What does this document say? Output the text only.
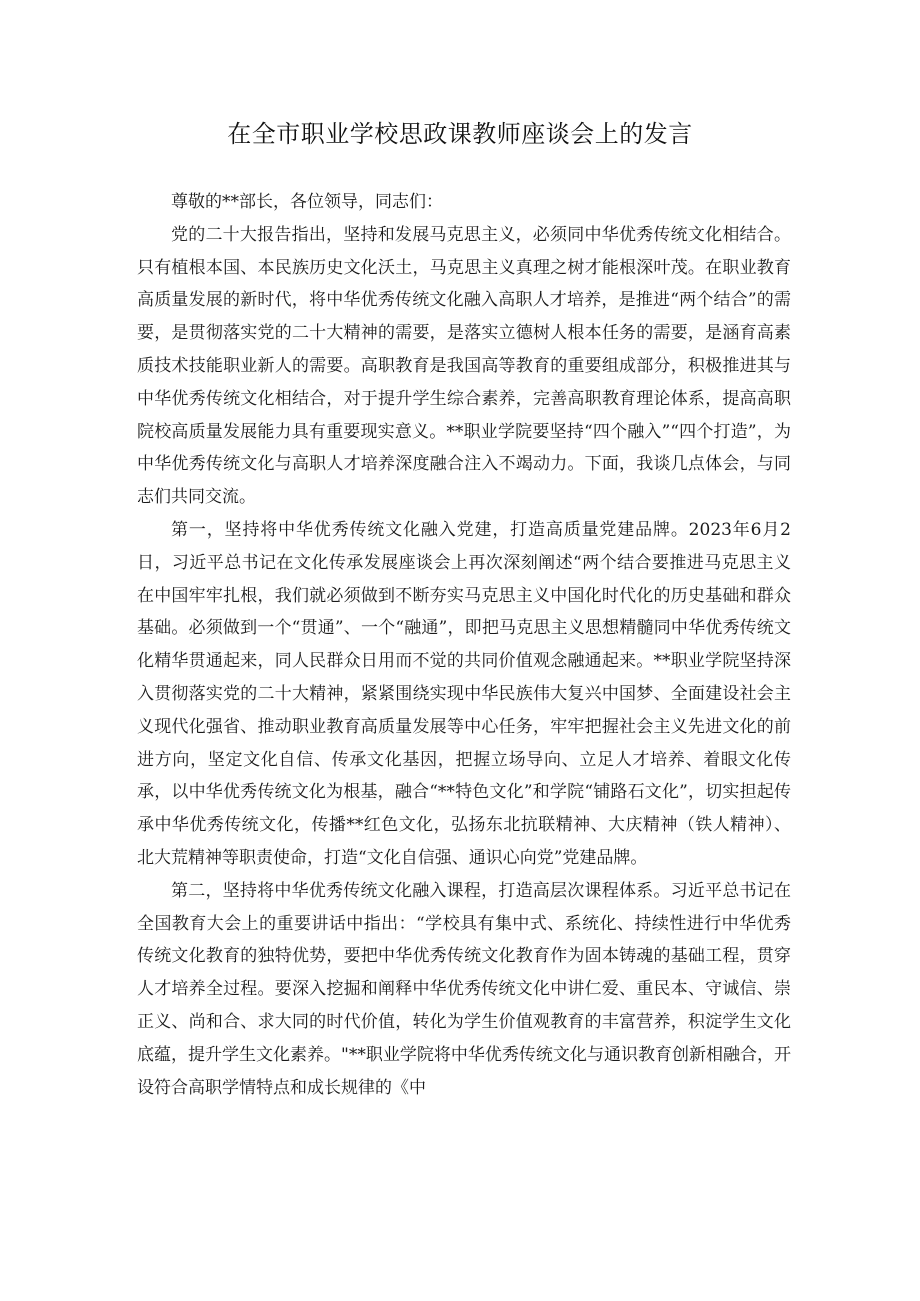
在全市职业学校思政课教师座谈会上的发言

尊敬的**部长，各位领导，同志们：

党的二十大报告指出，坚持和发展马克思主义，必须同中华优秀传统文化相结合。只有植根本国、本民族历史文化沃土，马克思主义真理之树才能根深叶茂。在职业教育高质量发展的新时代，将中华优秀传统文化融入高职人才培养，是推进“两个结合”的需要，是贯彻落实党的二十大精神的需要，是落实立德树人根本任务的需要，是涵育高素质技术技能职业新人的需要。高职教育是我国高等教育的重要组成部分，积极推进其与中华优秀传统文化相结合，对于提升学生综合素养，完善高职教育理论体系，提高高职院校高质量发展能力具有重要现实意义。**职业学院要坚持“四个融入”“四个打造”，为中华优秀传统文化与高职人才培养深度融合注入不竭动力。下面，我谈几点体会，与同志们共同交流。

第一，坚持将中华优秀传统文化融入党建，打造高质量党建品牌。2023年6月2日，习近平总书记在文化传承发展座谈会上再次深刻阐述“两个结合要推进马克思主义在中国牢牢扎根，我们就必须做到不断夯实马克思主义中国化时代化的历史基础和群众基础。必须做到一个“贯通”、一个“融通”，即把马克思主义思想精髓同中华优秀传统文化精华贯通起来，同人民群众日用而不觉的共同价值观念融通起来。**职业学院坚持深入贯彻落实党的二十大精神，紧紧围绕实现中华民族伟大复兴中国梦、全面建设社会主义现代化强省、推动职业教育高质量发展等中心任务，牢牢把握社会主义先进文化的前进方向，坚定文化自信、传承文化基因，把握立场导向、立足人才培养、着眼文化传承，以中华优秀传统文化为根基，融合“**特色文化”和学院“铺路石文化”，切实担起传承中华优秀传统文化，传播**红色文化，弘扬东北抗联精神、大庆精神（铁人精神）、北大荒精神等职责使命，打造“文化自信强、通识心向党”党建品牌。

第二，坚持将中华优秀传统文化融入课程，打造高层次课程体系。习近平总书记在全国教育大会上的重要讲话中指出：“学校具有集中式、系统化、持续性进行中华优秀传统文化教育的独特优势，要把中华优秀传统文化教育作为固本铸魂的基础工程，贯穿人才培养全过程。要深入挖掘和阐释中华优秀传统文化中讲仁爱、重民本、守诚信、崇正义、尚和合、求大同的时代价值，转化为学生价值观教育的丰富营养，积淀学生文化底蕴，提升学生文化素养。"**职业学院将中华优秀传统文化与通识教育创新相融合，开设符合高职学情特点和成长规律的《中
